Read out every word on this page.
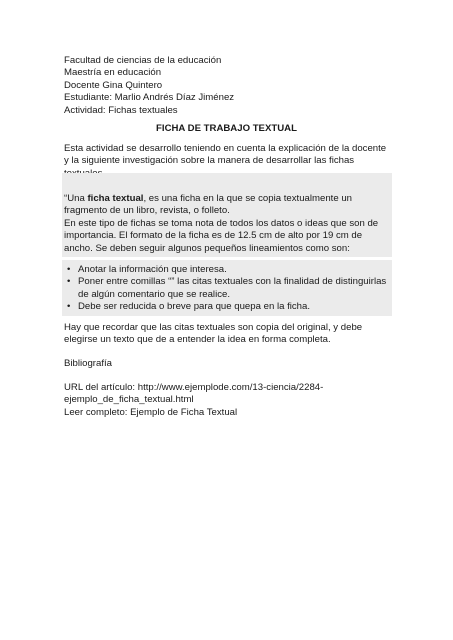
Facultad de ciencias de la educación
Maestría en educación
Docente Gina Quintero
Estudiante: Marlio Andrés Díaz Jiménez
Actividad: Fichas textuales
FICHA DE TRABAJO TEXTUAL
Esta actividad se desarrollo teniendo en cuenta la explicación de la docente y la siguiente investigación sobre la manera de desarrollar las fichas
“Una ficha textual, es una ficha en la que se copia textualmente un fragmento de un libro, revista, o folleto.
En este tipo de fichas se toma nota de todos los datos o ideas que son de importancia. El formato de la ficha es de 12.5 cm de alto por 19 cm de ancho. Se deben seguir algunos pequeños lineamientos como son:
• Anotar la información que interesa.
• Poner entre comillas “” las citas textuales con la finalidad de distinguirlas de algún comentario que se realice.
• Debe ser reducida o breve para que quepa en la ficha.
Hay que recordar que las citas textuales son copia del original, y debe elegirse un texto que de a entender la idea en forma completa.
Bibliografía
URL del artículo: http://www.ejemplode.com/13-ciencia/2284-ejemplo_de_ficha_textual.html
Leer completo: Ejemplo de Ficha Textual
